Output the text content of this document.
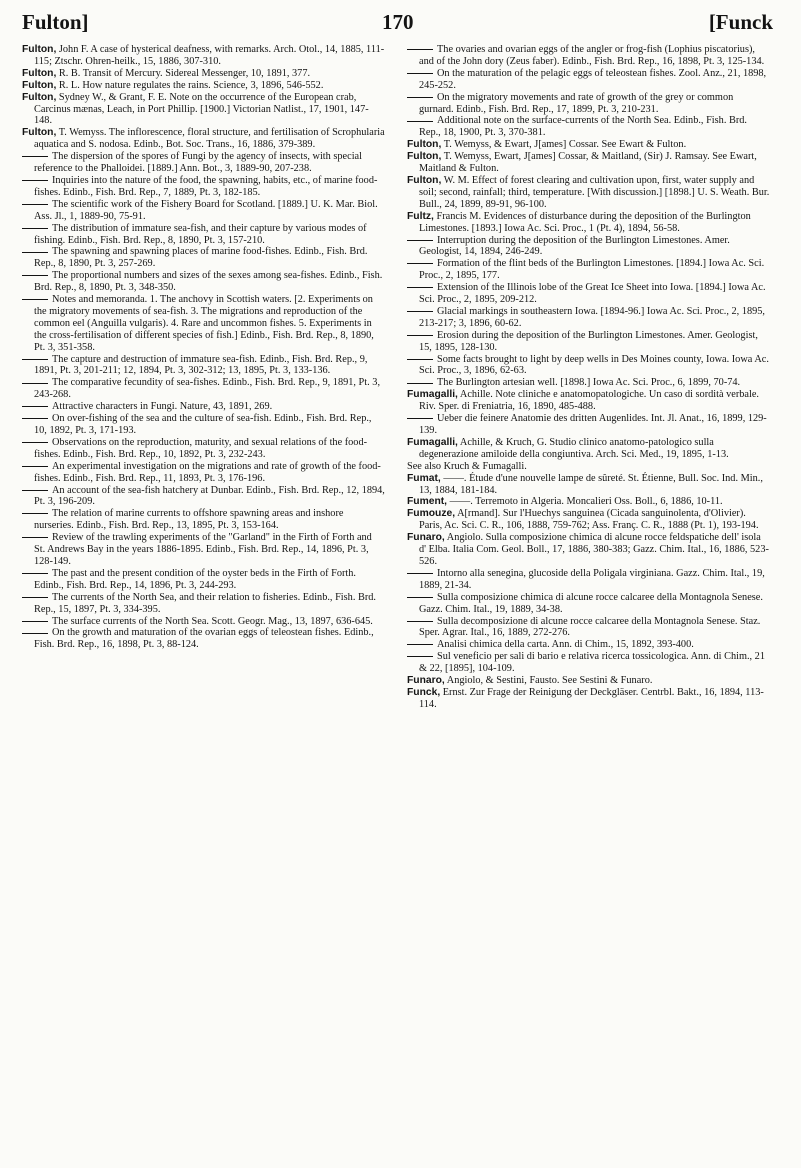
Fulton]	170	[Funck

Fulton, John F. A case of hysterical deafness, with remarks. Arch. Otol., 14, 1885, 111-115; Ztschr. Ohren-heilk., 15, 1886, 307-310.

Fulton, R. B. Transit of Mercury. Sidereal Messenger, 10, 1891, 377.

Fulton, R. L. How nature regulates the rains. Science, 3, 1896, 546-552.

Fulton, Sydney W., & Grant, F. E. Note on the occurrence of the European crab, Carcinus mænas, Leach, in Port Phillip. [1900.] Victorian Natlist., 17, 1901, 147-148.

Fulton, T. Wemyss. The inflorescence, floral structure, and fertilisation of Scrophularia aquatica and S. nodosa. Edinb., Bot. Soc. Trans., 16, 1886, 379-389.

The dispersion of the spores of Fungi by the agency of insects, with special reference to the Phalloidei. [1889.] Ann. Bot., 3, 1889-90, 207-238.

Inquiries into the nature of the food, the spawning, habits, etc., of marine food-fishes. Edinb., Fish. Brd. Rep., 7, 1889, Pt. 3, 182-185.

The scientific work of the Fishery Board for Scotland. [1889.] U. K. Mar. Biol. Ass. Jl., 1, 1889-90, 75-91.

The distribution of immature sea-fish, and their capture by various modes of fishing. Edinb., Fish. Brd. Rep., 8, 1890, Pt. 3, 157-210.

The spawning and spawning places of marine food-fishes. Edinb., Fish. Brd. Rep., 8, 1890, Pt. 3, 257-269.

The proportional numbers and sizes of the sexes among sea-fishes. Edinb., Fish. Brd. Rep., 8, 1890, Pt. 3, 348-350.

Notes and memoranda. 1. The anchovy in Scottish waters. [2. Experiments on the migratory movements of sea-fish. 3. The migrations and reproduction of the common eel (Anguilla vulgaris). 4. Rare and uncommon fishes. 5. Experiments in the cross-fertilisation of different species of fish.] Edinb., Fish. Brd. Rep., 8, 1890, Pt. 3, 351-358.

The capture and destruction of immature sea-fish. Edinb., Fish. Brd. Rep., 9, 1891, Pt. 3, 201-211; 12, 1894, Pt. 3, 302-312; 13, 1895, Pt. 3, 133-136.

The comparative fecundity of sea-fishes. Edinb., Fish. Brd. Rep., 9, 1891, Pt. 3, 243-268.

Attractive characters in Fungi. Nature, 43, 1891, 269.

On over-fishing of the sea and the culture of sea-fish. Edinb., Fish. Brd. Rep., 10, 1892, Pt. 3, 171-193.

Observations on the reproduction, maturity, and sexual relations of the food-fishes. Edinb., Fish. Brd. Rep., 10, 1892, Pt. 3, 232-243.

An experimental investigation on the migrations and rate of growth of the food-fishes. Edinb., Fish. Brd. Rep., 11, 1893, Pt. 3, 176-196.

An account of the sea-fish hatchery at Dunbar. Edinb., Fish. Brd. Rep., 12, 1894, Pt. 3, 196-209.

The relation of marine currents to offshore spawning areas and inshore nurseries. Edinb., Fish. Brd. Rep., 13, 1895, Pt. 3, 153-164.

Review of the trawling experiments of the "Garland" in the Firth of Forth and St. Andrews Bay in the years 1886-1895. Edinb., Fish. Brd. Rep., 14, 1896, Pt. 3, 128-149.

The past and the present condition of the oyster beds in the Firth of Forth. Edinb., Fish. Brd. Rep., 14, 1896, Pt. 3, 244-293.

The currents of the North Sea, and their relation to fisheries. Edinb., Fish. Brd. Rep., 15, 1897, Pt. 3, 334-395.

The surface currents of the North Sea. Scott. Geogr. Mag., 13, 1897, 636-645.

On the growth and maturation of the ovarian eggs of teleostean fishes. Edinb., Fish. Brd. Rep., 16, 1898, Pt. 3, 88-124.

The ovaries and ovarian eggs of the angler or frog-fish (Lophius piscatorius), and of the John dory (Zeus faber). Edinb., Fish. Brd. Rep., 16, 1898, Pt. 3, 125-134.

On the maturation of the pelagic eggs of teleostean fishes. Zool. Anz., 21, 1898, 245-252.

On the migratory movements and rate of growth of the grey or common gurnard. Edinb., Fish. Brd. Rep., 17, 1899, Pt. 3, 210-231.

Additional note on the surface-currents of the North Sea. Edinb., Fish. Brd. Rep., 18, 1900, Pt. 3, 370-381.

Fulton, T. Wemyss, & Ewart, J[ames] Cossar. See Ewart & Fulton.

Fulton, T. Wemyss, Ewart, J[ames] Cossar, & Maitland, (Sir) J. Ramsay. See Ewart, Maitland & Fulton.

Fulton, W. M. Effect of forest clearing and cultivation upon, first, water supply and soil; second, rainfall; third, temperature. [With discussion.] [1898.] U. S. Weath. Bur. Bull., 24, 1899, 89-91, 96-100.

Fultz, Francis M. Evidences of disturbance during the deposition of the Burlington Limestones. [1893.] Iowa Ac. Sci. Proc., 1 (Pt. 4), 1894, 56-58.

Interruption during the deposition of the Burlington Limestones. Amer. Geologist, 14, 1894, 246-249.

Formation of the flint beds of the Burlington Limestones. [1894.] Iowa Ac. Sci. Proc., 2, 1895, 177.

Extension of the Illinois lobe of the Great Ice Sheet into Iowa. [1894.] Iowa Ac. Sci. Proc., 2, 1895, 209-212.

Glacial markings in southeastern Iowa. [1894-96.] Iowa Ac. Sci. Proc., 2, 1895, 213-217; 3, 1896, 60-62.

Erosion during the deposition of the Burlington Limestones. Amer. Geologist, 15, 1895, 128-130.

Some facts brought to light by deep wells in Des Moines county, Iowa. Iowa Ac. Sci. Proc., 3, 1896, 62-63.

The Burlington artesian well. [1898.] Iowa Ac. Sci. Proc., 6, 1899, 70-74.

Fumagalli, Achille. Note cliniche e anatomopatologiche. Un caso di sordità verbale. Riv. Sper. di Freniatria, 16, 1890, 485-488.

Ueber die feinere Anatomie des dritten Augenlides. Int. Jl. Anat., 16, 1899, 129-139.

Fumagalli, Achille, & Kruch, G. Studio clinico anatomo-patologico sulla degenerazione amiloide della congiuntiva. Arch. Sci. Med., 19, 1895, 1-13.

See also Kruch & Fumagalli.

Fumat, ——. Étude d'une nouvelle lampe de sûreté. St. Étienne, Bull. Soc. Ind. Min., 13, 1884, 181-184.

Fument, ——. Terremoto in Algeria. Moncalieri Oss. Boll., 6, 1886, 10-11.

Fumouze, A[rmand]. Sur l'Huechys sanguinea (Cicada sanguinolenta, d'Olivier). Paris, Ac. Sci. C. R., 106, 1888, 759-762; Ass. Franç. C. R., 1888 (Pt. 1), 193-194.

Funaro, Angiolo. Sulla composizione chimica di alcune rocce feldspatiche dell' isola d' Elba. Italia Com. Geol. Boll., 17, 1886, 380-383; Gazz. Chim. Ital., 16, 1886, 523-526.

Intorno alla senegina, glucoside della Poligala virginiana. Gazz. Chim. Ital., 19, 1889, 21-34.

Sulla composizione chimica di alcune rocce calcaree della Montagnola Senese. Gazz. Chim. Ital., 19, 1889, 34-38.

Sulla decomposizione di alcune rocce calcaree della Montagnola Senese. Staz. Sper. Agrar. Ital., 16, 1889, 272-276.

Analisi chimica della carta. Ann. di Chim., 15, 1892, 393-400.

Sul veneficio per sali di bario e relativa ricerca tossicologica. Ann. di Chim., 21 & 22, [1895], 104-109.

Funaro, Angiolo, & Sestini, Fausto. See Sestini & Funaro.

Funck, Ernst. Zur Frage der Reinigung der Deckgläser. Centrbl. Bakt., 16, 1894, 113-114.
